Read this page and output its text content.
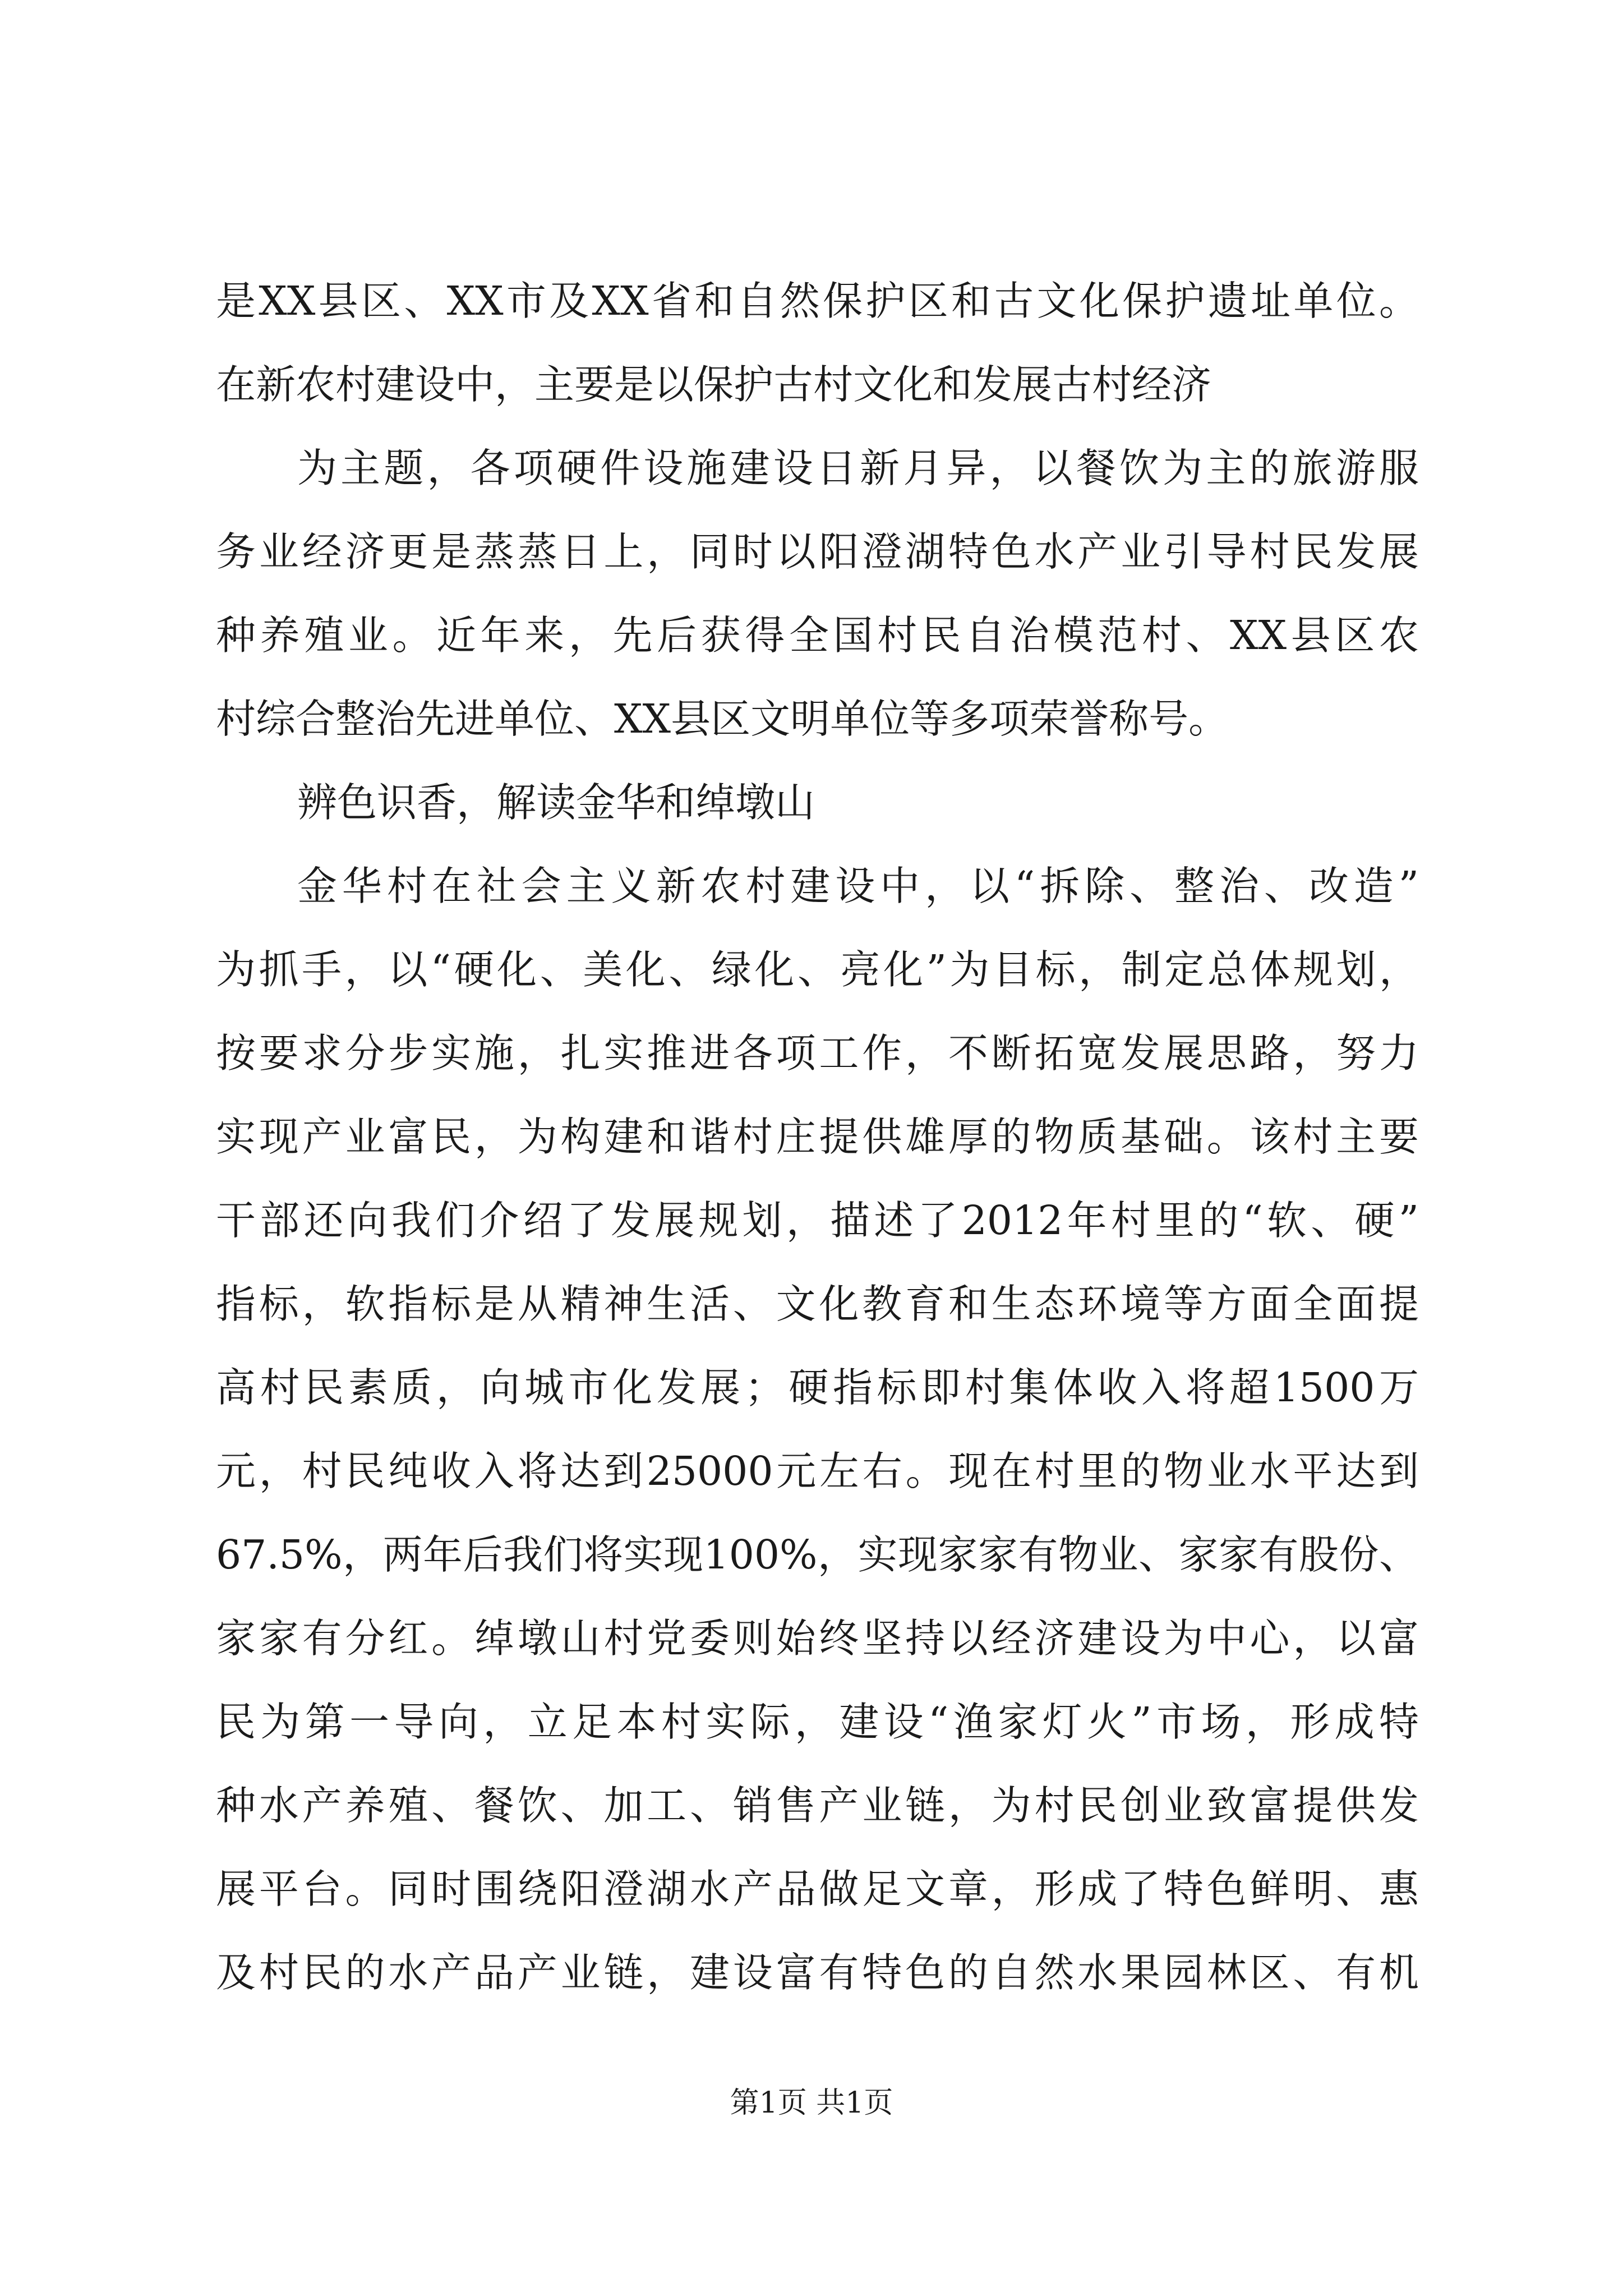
是XX县区、XX市及XX省和自然保护区和古文化保护遗址单位。
在新农村建设中，主要是以保护古村文化和发展古村经济
为主题，各项硬件设施建设日新月异，以餐饮为主的旅游服
务业经济更是蒸蒸日上，同时以阳澄湖特色水产业引导村民发展
种养殖业。近年来，先后获得全国村民自治模范村、XX县区农
村综合整治先进单位、XX县区文明单位等多项荣誉称号。
辨色识香，解读金华和绰墩山
金华村在社会主义新农村建设中，以“拆除、整治、改造”
为抓手，以“硬化、美化、绿化、亮化”为目标，制定总体规划，
按要求分步实施，扎实推进各项工作，不断拓宽发展思路，努力
实现产业富民，为构建和谐村庄提供雄厚的物质基础。该村主要
干部还向我们介绍了发展规划，描述了2012年村里的“软、硬”
指标，软指标是从精神生活、文化教育和生态环境等方面全面提
高村民素质，向城市化发展；硬指标即村集体收入将超1500万
元，村民纯收入将达到25000元左右。现在村里的物业水平达到
67.5%，两年后我们将实现100%，实现家家有物业、家家有股份、
家家有分红。绰墩山村党委则始终坚持以经济建设为中心，以富
民为第一导向，立足本村实际，建设“渔家灯火”市场，形成特
种水产养殖、餐饮、加工、销售产业链，为村民创业致富提供发
展平台。同时围绕阳澄湖水产品做足文章，形成了特色鲜明、惠
及村民的水产品产业链，建设富有特色的自然水果园林区、有机
第1页 共1页
